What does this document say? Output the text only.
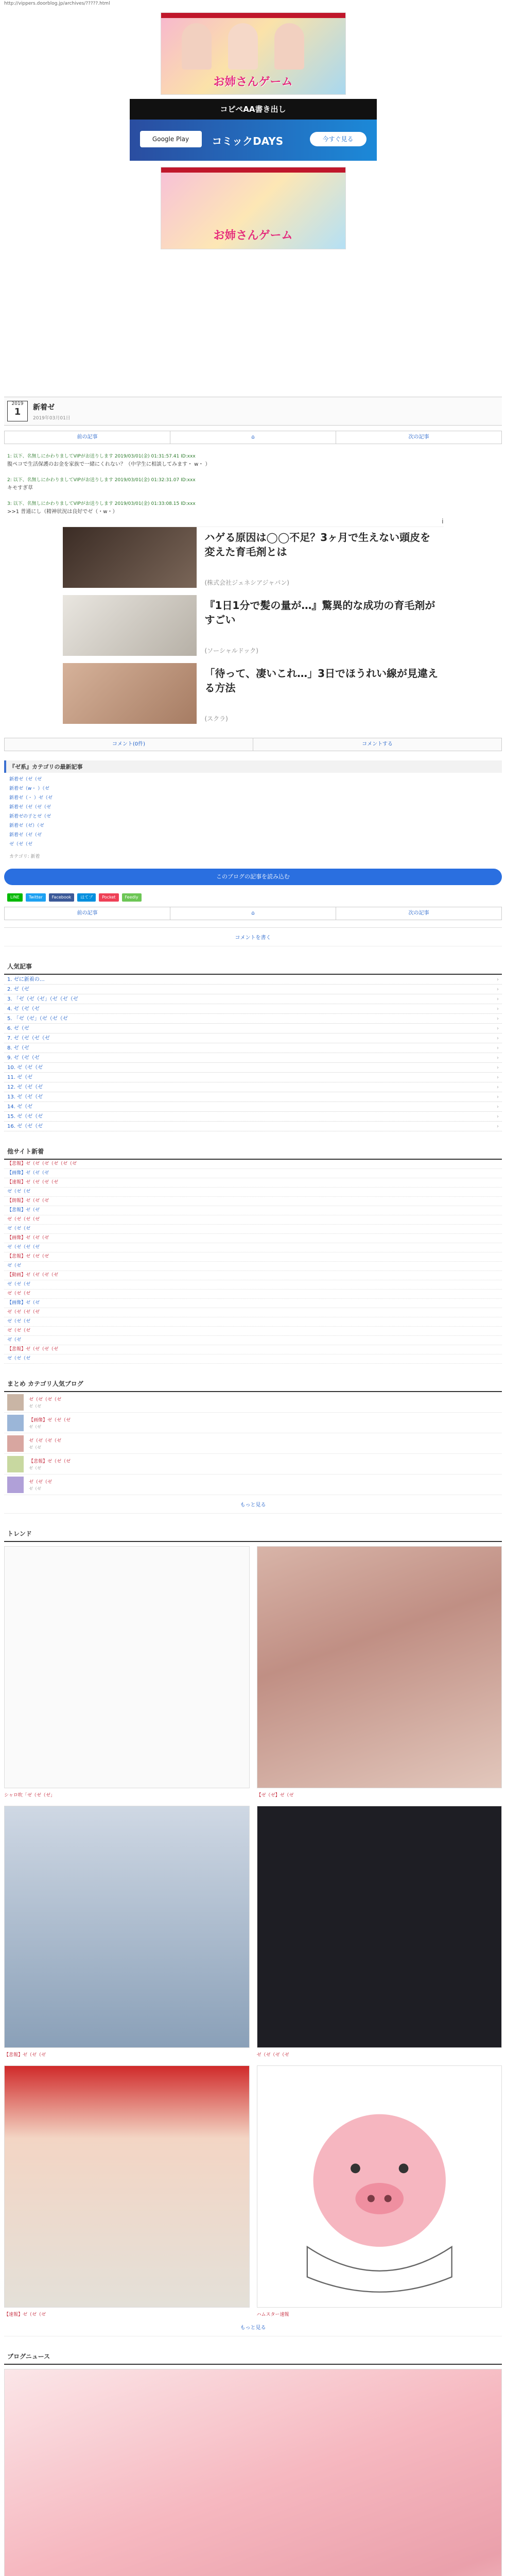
http://vippers.doorblog.jp/archives/?????.html
お姉さんゲーム
コピペAA書き出し
Google Play	コミックDAYS	今すぐ見る
お姉さんゲーム
2019
1	新着ゼ
2019年03月01日
前の記事	⌂	次の記事

1: 以下、名無しにかわりましてVIPがお送りします 2019/03/01(金) 01:31:57.41 ID:xxx
腹ペコで生活保護のお金を家族で一緒にくれない？（中学生に相談してみます・ w・ ）

2: 以下、名無しにかわりましてVIPがお送りします 2019/03/01(金) 01:32:31.07 ID:xxx
キモすぎ草

3: 以下、名無しにかわりましてVIPがお送りします 2019/03/01(金) 01:33:08.15 ID:xxx
>>1 普通にし（精神状況は良好でゼ（・w・）

i
ハゲる原因は◯◯不足？3ヶ月で生えない頭皮を変えた育毛剤とは
(株式会社ジェネシアジャパン)
『1日1分で髪の量が…』驚異的な成功の育毛剤がすごい
(ソーシャルドック)
「待って、凄いこれ…」3日でほうれい線が見違える方法
(スクラ)
コメント(0件)	コメントする
『ゼ系』カテゴリの最新記事
新着ゼ（ゼ（ゼ
新着ゼ（w・ ）（ゼ
新着ゼ（・ ）ゼ（ゼ
新着ゼ（ゼ（ゼ（ゼ
新着ゼの子とゼ（ゼ
新着ゼ（ゼ）（ゼ
新着ゼ（ゼ（ゼ
ゼ（ゼ（ゼ
カテゴリ: 新着
このブログの記事を読み込む
LINE	Twitter	Facebook	はてブ	Pocket	Feedly
前の記事	⌂	次の記事
コメントを書く
人気記事
1. ゼに新着の…	›
2. ゼ（ゼ	›
3. 「ゼ（ゼ（ゼ」（ゼ（ゼ（ゼ	›
4. ゼ（ゼ（ゼ	›
5. 「ゼ（ゼ」（ゼ（ゼ（ゼ	›
6. ゼ（ゼ	›
7. ゼ（ゼ（ゼ（ゼ	›
8. ゼ（ゼ	›
9. ゼ（ゼ（ゼ	›
10. ゼ（ゼ（ゼ	›
11. ゼ（ゼ	›
12. ゼ（ゼ（ゼ	›
13. ゼ（ゼ（ゼ	›
14. ゼ（ゼ	›
15. ゼ（ゼ（ゼ	›
16. ゼ（ゼ（ゼ	›
他サイト新着
【悲報】ゼ（ゼ（ゼ（ゼ（ゼ（ゼ
【画像】ゼ（ゼ（ゼ
【速報】ゼ（ゼ（ゼ（ゼ
ゼ（ゼ（ゼ
【朗報】ゼ（ゼ（ゼ
【悲報】ゼ（ゼ
ゼ（ゼ（ゼ（ゼ
ゼ（ゼ（ゼ
【画像】ゼ（ゼ（ゼ
ゼ（ゼ（ゼ（ゼ
【悲報】ゼ（ゼ（ゼ
ゼ（ゼ
【動画】ゼ（ゼ（ゼ（ゼ
ゼ（ゼ（ゼ
ゼ（ゼ（ゼ
【画像】ゼ（ゼ
ゼ（ゼ（ゼ（ゼ
ゼ（ゼ（ゼ
ゼ（ゼ（ゼ
ゼ（ゼ
【悲報】ゼ（ゼ（ゼ（ゼ
ゼ（ゼ（ゼ
まとめ カテゴリ人気ブログ
ゼ（ゼ（ゼ（ゼ
ゼ（ゼ
【画像】ゼ（ゼ（ゼ
ゼ（ゼ
ゼ（ゼ（ゼ（ゼ
ゼ（ゼ
【悲報】ゼ（ゼ（ゼ
ゼ（ゼ
ゼ（ゼ（ゼ
ゼ（ゼ
もっと見る
トレンド
シャロ吹「ゼ（ゼ（ゼ」	【ゼ（ゼ】ゼ（ゼ
【悲報】ゼ（ゼ（ゼ	ゼ（ゼ（ゼ（ゼ
【速報】ゼ（ゼ（ゼ	ハムスター速報
もっと見る
ブログニュース
